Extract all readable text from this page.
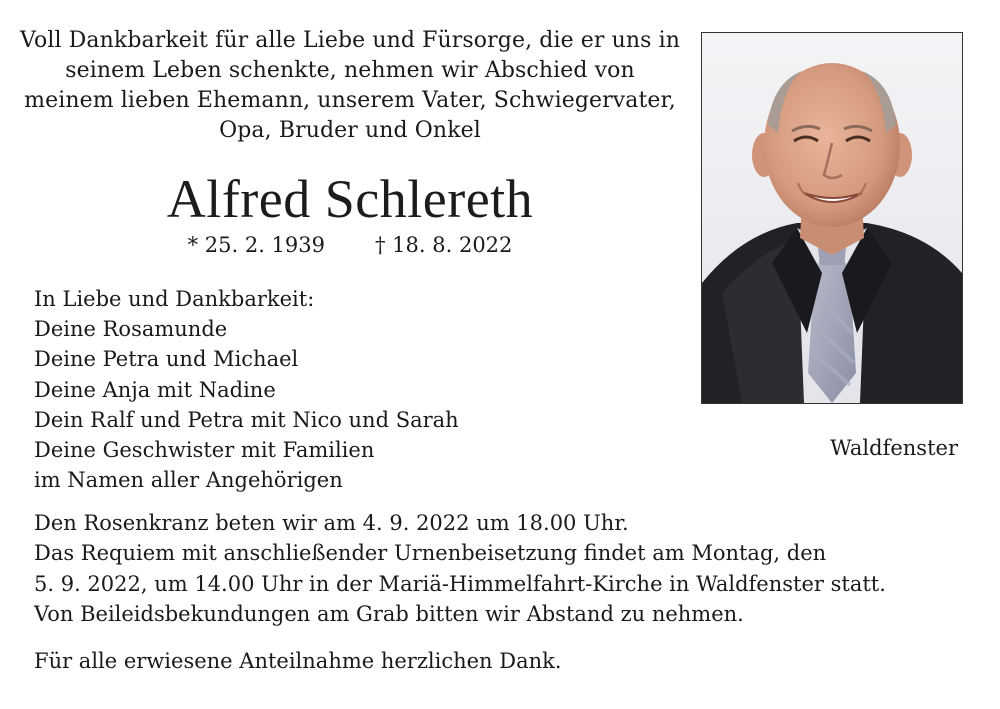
Voll Dankbarkeit für alle Liebe und Fürsorge, die er uns in
seinem Leben schenkte, nehmen wir Abschied von
meinem lieben Ehemann, unserem Vater, Schwiegervater,
Opa, Bruder und Onkel
Alfred Schlereth
* 25. 2. 1939 † 18. 8. 2022
In Liebe und Dankbarkeit:
Deine Rosamunde
Deine Petra und Michael
Deine Anja mit Nadine
Dein Ralf und Petra mit Nico und Sarah
Deine Geschwister mit Familien
im Namen aller Angehörigen
Waldfenster
Den Rosenkranz beten wir am 4. 9. 2022 um 18.00 Uhr.
Das Requiem mit anschließender Urnenbeisetzung findet am Montag, den
5. 9. 2022, um 14.00 Uhr in der Mariä-Himmelfahrt-Kirche in Waldfenster statt.
Von Beileidsbekundungen am Grab bitten wir Abstand zu nehmen.
Für alle erwiesene Anteilnahme herzlichen Dank.
